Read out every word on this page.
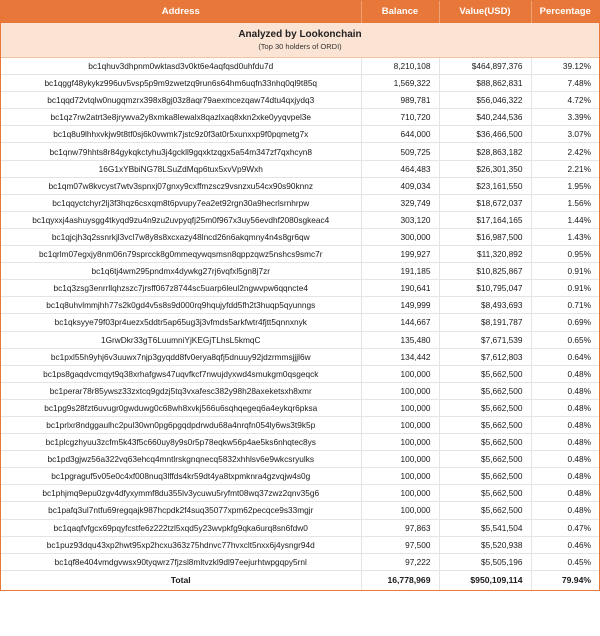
Address	Balance	Value(USD)	Percentage

Analyzed by Lookonchain
(Top 30 holders of ORDI)			

bc1qhuv3dhpnm0wktasd3v0kt6e4aqfqsd0uhfdu7d	8,210,108	$464,897,376	39.12%
bc1qggf48ykykz996uv5vsp5p9m9zwetzq9run6s64hm6uqfn33nhq0ql9t85q	1,569,322	$88,862,831	7.48%
bc1qqd72vtqlw0nugqmzrx398x8gj03z8aqr79aexmcezqaw74dtu4qxjydq3	989,781	$56,046,322	4.72%
bc1qz7rw2atrt3e8jrywva2y8xmka8lewalx8qazlxaq8xkn2xke0yyqvpel3e	710,720	$40,244,536	3.39%
bc1q8u9lhhxvkjw9t8tf0sj6k0vwmk7jstc9z0f3at0r5xunxxp9f0pqmetg7x	644,000	$36,466,500	3.07%
bc1qnw79hhts8r84gykqkctyhu3j4gckll9gqxktzqgx5a54m347zf7qxhcyn8	509,725	$28,863,182	2.42%
16G1xYBbiNG78LSuZdMqp6tux5xvVp9Wxh	464,483	$26,301,350	2.21%
bc1qm07w8kvcyst7wtv3spnxj07gnxy9cxffmzscz9vsnzxu54cx90s90knnz	409,034	$23,161,550	1.95%
bc1qqyctchyr2lj3f3hqz6csxqm8t6pvupy7ea2et92rgn30a9hecrlsrnhrpw	329,749	$18,672,037	1.56%
bc1qyxxj4ashuysgg4tkyqd9zu4n9zu2uvpyqfj25m0f967x3uy56evdhf2080sgkeac4	303,120	$17,164,165	1.44%
bc1qjcjh3q2ssnrkjl3vcl7w8y8s8xcxazy48lncd26n6akqmny4n4s8gr6qw	300,000	$16,987,500	1.43%
bc1qrlm07egxjy8nm06n79sprcck8g0mmeqywqsmsn8qppzqwz5nshcs9smc7r	199,927	$11,320,892	0.95%
bc1q6tj4wm295pndmx4dywkg27rj6vqfxl5gn8j7zr	191,185	$10,825,867	0.91%
bc1q3zsg3enrrllqhzszc7jrsff067z8744sc5uarp6leul2ngwvpw6qqncte4	190,641	$10,795,047	0.91%
bc1q8uhvlmmjhh77s2k0gd4v5s8s9d000rq9hqujyfdd5fh2t3huqp5qyunngs	149,999	$8,493,693	0.71%
bc1qksyye79f03pr4uezx5ddtr5ap65ug3j3vfmds5arkfwtr4fjtt5qnnxnyk	144,667	$8,191,787	0.69%
1GrwDkr33gT6LuumniYjKEGjTLhsL5kmqC	135,480	$7,671,539	0.65%
bc1pxl55h9yhj6v3uuwx7njp3gyqdd8fv0erya8qfj5dnuuy92jdzrmmsjjjl6w	134,442	$7,612,803	0.64%
bc1ps8gaqdvcmqyt9q38xrhafgws47uqvfkcf7nwujdyxwd4smukgm0qsgeqck	100,000	$5,662,500	0.48%
bc1perar78r85ywsz33zxtcq9gdzj5tq3vxafesc382y98h28axeketsxh8xmr	100,000	$5,662,500	0.48%
bc1pg9s28fzt6uvugr0gwduwg0c68wh8xvkj566u6sqhqegeq6a4eykqr6pksa	100,000	$5,662,500	0.48%
bc1prlxr8ndggaulhc2pul30wn0pg6pgqdpdrwdu68a4nrqfn054ly6ws3t9k5p	100,000	$5,662,500	0.48%
bc1plcgzhyuu3zcfm5k43f5c660uy8y9s0r5p78eqkw56p4ae5ks6nhqtec8ys	100,000	$5,662,500	0.48%
bc1pd3gjwz56a322vq63ehcq4mntlrskgnqnecq5832xhhlsv6e9wkcsryulks	100,000	$5,662,500	0.48%
bc1pgraguf5v05e0c4xf008nuq3lffds4kr59dt4ya8txpmknra4gzvqjw4s0g	100,000	$5,662,500	0.48%
bc1phjmq9epu0zgv4dfyxymmf8du355lv3ycuwu5ryfmt08wq37zwz2qnv35g6	100,000	$5,662,500	0.48%
bc1pafq3ul7ntfu69regqajk987hcpdk2f4suq35077xpm62pecqce9s33mgjr	100,000	$5,662,500	0.48%
bc1qaqfvfgcx69pqyfcstfe6z222tzl5xqd5y23wvpkfg9qka6urq8sn6fdw0	97,863	$5,541,504	0.47%
bc1puz93dqu43xp2hwt95xp2hcxu363z75hdnvc77hvxclt5nxx6j4ysngr94d	97,500	$5,520,938	0.46%
bc1qf8e404vmdgvwsx90tyqwrz7fjzsl8mltvzkl9dl97eejurhtwpgqpy5rnl	97,222	$5,505,196	0.45%
Total	16,778,969	$950,109,114	79.94%
